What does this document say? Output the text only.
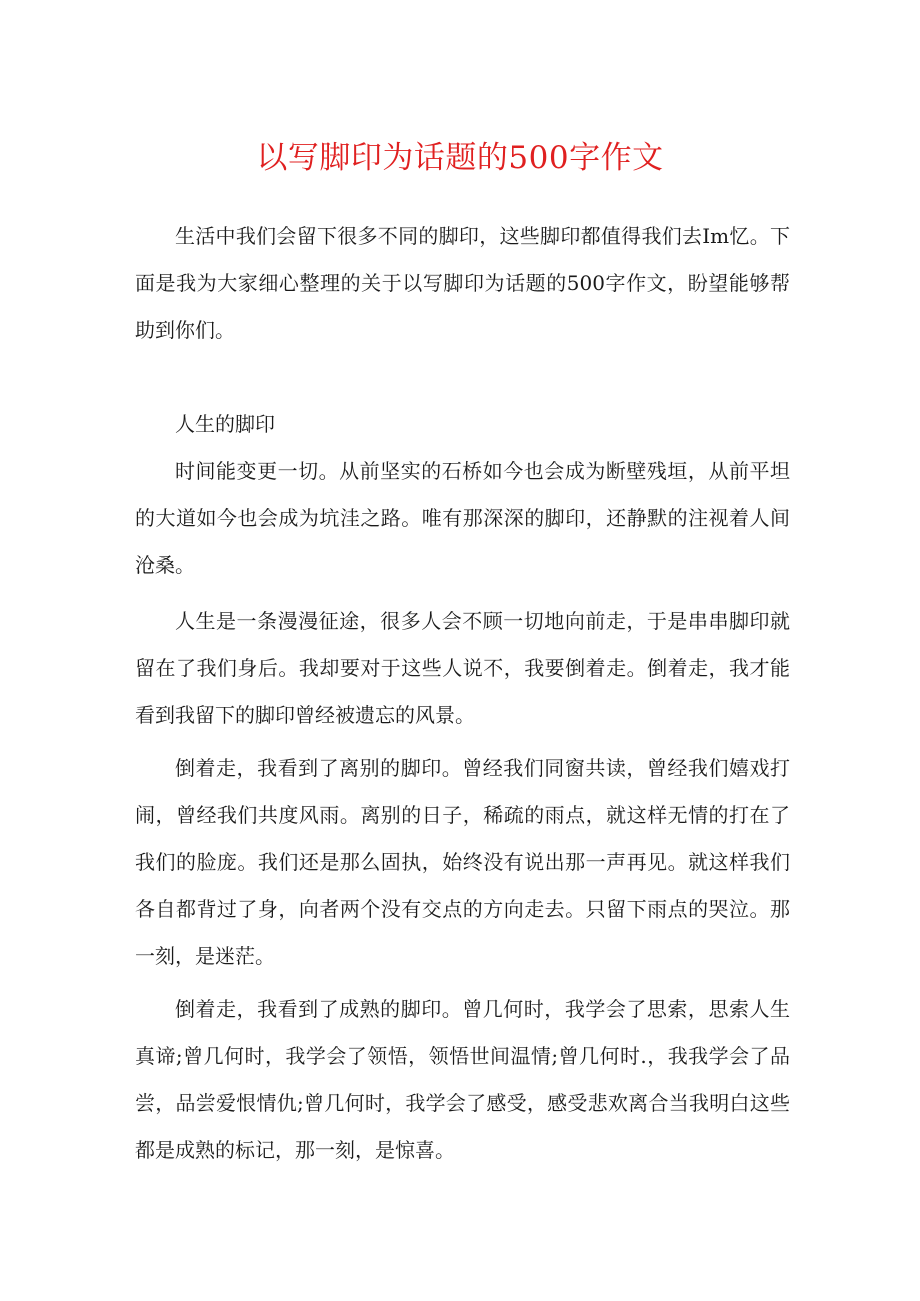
以写脚印为话题的500字作文

生活中我们会留下很多不同的脚印，这些脚印都值得我们去Im忆。下面是我为大家细心整理的关于以写脚印为话题的500字作文，盼望能够帮助到你们。

人生的脚印

时间能变更一切。从前坚实的石桥如今也会成为断壁残垣，从前平坦的大道如今也会成为坑洼之路。唯有那深深的脚印，还静默的注视着人间沧桑。

人生是一条漫漫征途，很多人会不顾一切地向前走，于是串串脚印就留在了我们身后。我却要对于这些人说不，我要倒着走。倒着走，我才能看到我留下的脚印曾经被遗忘的风景。

倒着走，我看到了离别的脚印。曾经我们同窗共读，曾经我们嬉戏打闹，曾经我们共度风雨。离别的日子，稀疏的雨点，就这样无情的打在了我们的脸庞。我们还是那么固执，始终没有说出那一声再见。就这样我们各自都背过了身，向者两个没有交点的方向走去。只留下雨点的哭泣。那一刻，是迷茫。

倒着走，我看到了成熟的脚印。曾几何时，我学会了思索，思索人生真谛;曾几何时，我学会了领悟，领悟世间温情;曾几何时.，我我学会了品尝，品尝爱恨情仇;曾几何时，我学会了感受，感受悲欢离合当我明白这些都是成熟的标记，那一刻，是惊喜。
